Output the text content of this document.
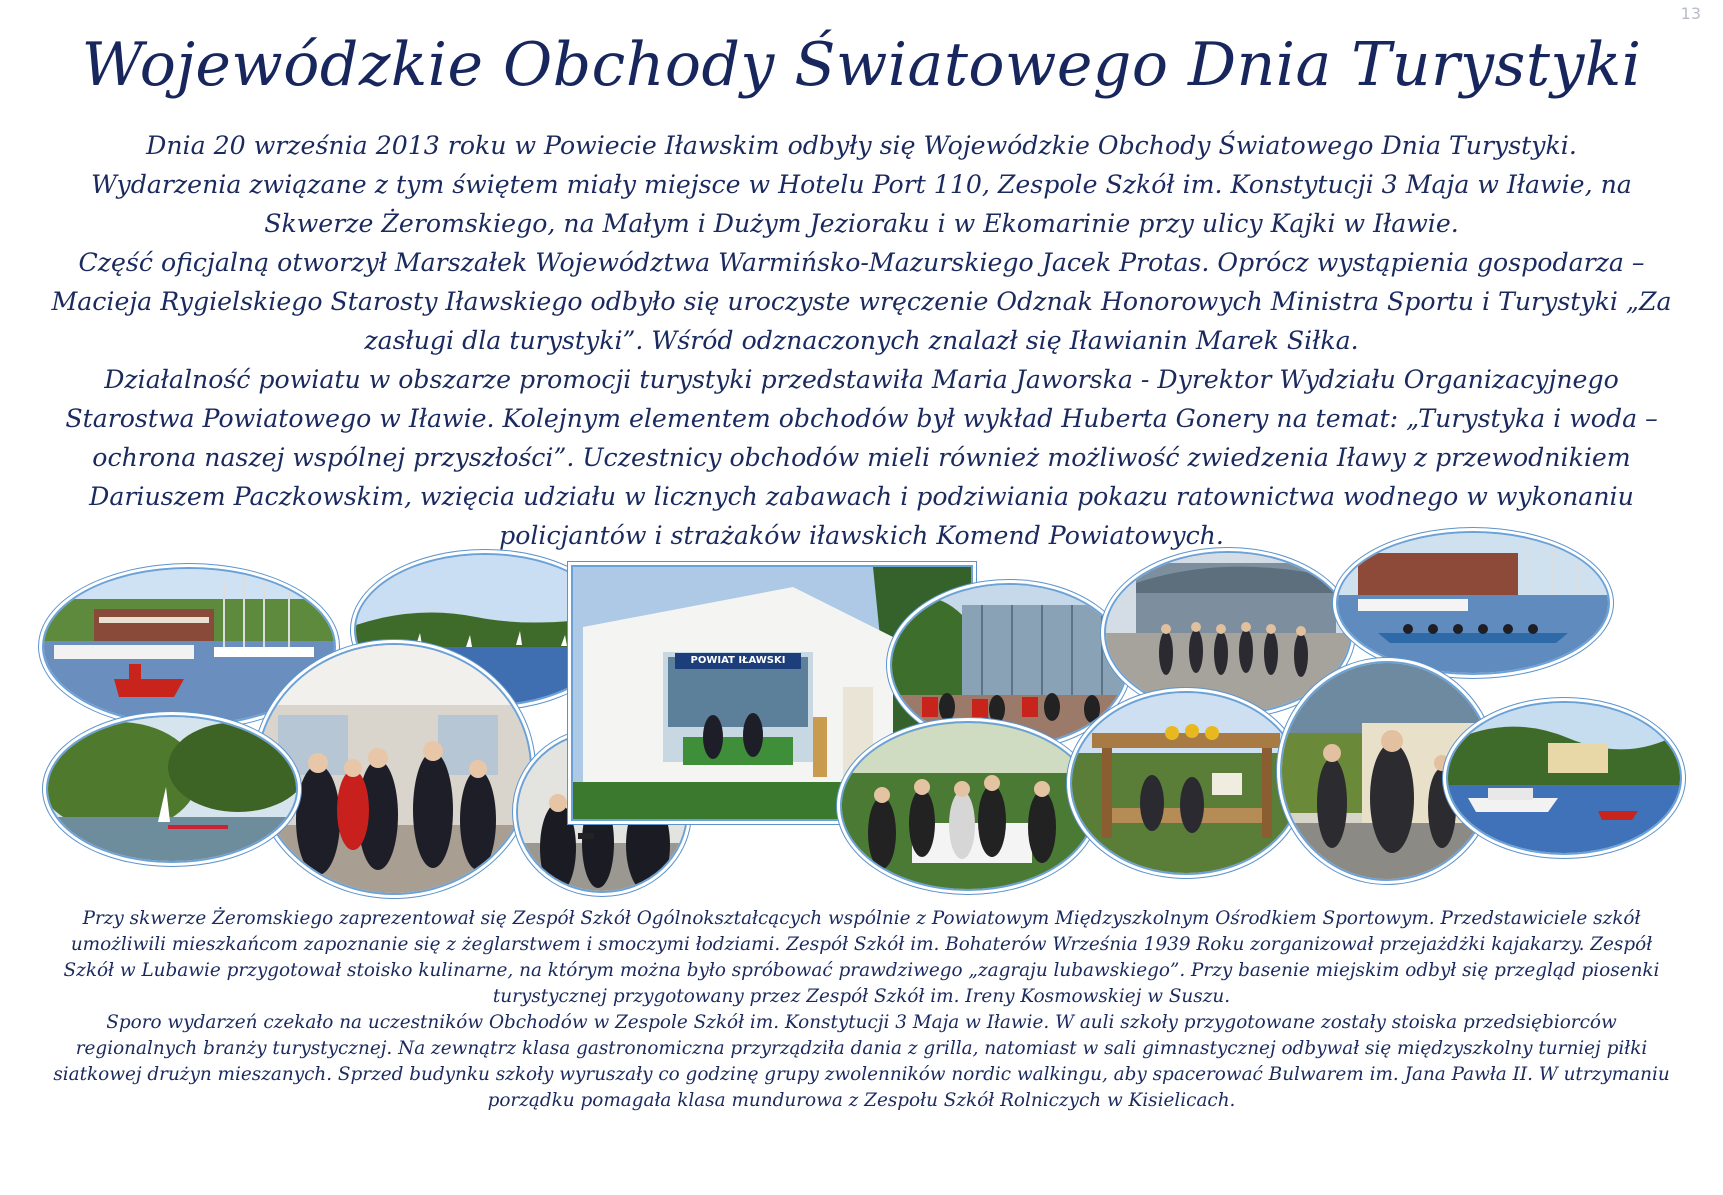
13
Wojewódzkie Obchody Światowego Dnia Turystyki

Dnia 20 września 2013 roku w Powiecie Iławskim odbyły się Wojewódzkie Obchody Światowego Dnia Turystyki.

Wydarzenia związane z tym świętem miały miejsce w Hotelu Port 110, Zespole Szkół im. Konstytucji 3 Maja w Iławie, na Skwerze Żeromskiego, na Małym i Dużym Jezioraku i w Ekomarinie przy ulicy Kajki w Iławie.

Część oficjalną otworzył Marszałek Województwa Warmińsko-Mazurskiego Jacek Protas. Oprócz wystąpienia gospodarza – Macieja Rygielskiego Starosty Iławskiego odbyło się uroczyste wręczenie Odznak Honorowych Ministra Sportu i Turystyki „Za zasługi dla turystyki”. Wśród odznaczonych znalazł się Iławianin Marek Siłka.

Działalność powiatu w obszarze promocji turystyki przedstawiła Maria Jaworska - Dyrektor Wydziału Organizacyjnego Starostwa Powiatowego w Iławie. Kolejnym elementem obchodów był wykład Huberta Gonery na temat: „Turystyka i woda – ochrona naszej wspólnej przyszłości”. Uczestnicy obchodów mieli również możliwość zwiedzenia Iławy z przewodnikiem Dariuszem Paczkowskim, wzięcia udziału w licznych zabawach i podziwiania pokazu ratownictwa wodnego w wykonaniu policjantów i strażaków iławskich Komend Powiatowych.

POWIAT IŁAWSKI

Przy skwerze Żeromskiego zaprezentował się Zespół Szkół Ogólnokształcących wspólnie z Powiatowym Międzyszkolnym Ośrodkiem Sportowym. Przedstawiciele szkół umożliwili mieszkańcom zapoznanie się z żeglarstwem i smoczymi łodziami. Zespół Szkół im. Bohaterów Września 1939 Roku zorganizował przejażdżki kajakarzy. Zespół Szkół w Lubawie przygotował stoisko kulinarne, na którym można było spróbować prawdziwego „zagraju lubawskiego”. Przy basenie miejskim odbył się przegląd piosenki turystycznej przygotowany przez Zespół Szkół im. Ireny Kosmowskiej w Suszu.

Sporo wydarzeń czekało na uczestników Obchodów w Zespole Szkół im. Konstytucji 3 Maja w Iławie. W auli szkoły przygotowane zostały stoiska przedsiębiorców regionalnych branży turystycznej. Na zewnątrz klasa gastronomiczna przyrządziła dania z grilla, natomiast w sali gimnastycznej odbywał się międzyszkolny turniej piłki siatkowej drużyn mieszanych. Sprzed budynku szkoły wyruszały co godzinę grupy zwolenników nordic walkingu, aby spacerować Bulwarem im. Jana Pawła II. W utrzymaniu porządku pomagała klasa mundurowa z Zespołu Szkół Rolniczych w Kisielicach.
